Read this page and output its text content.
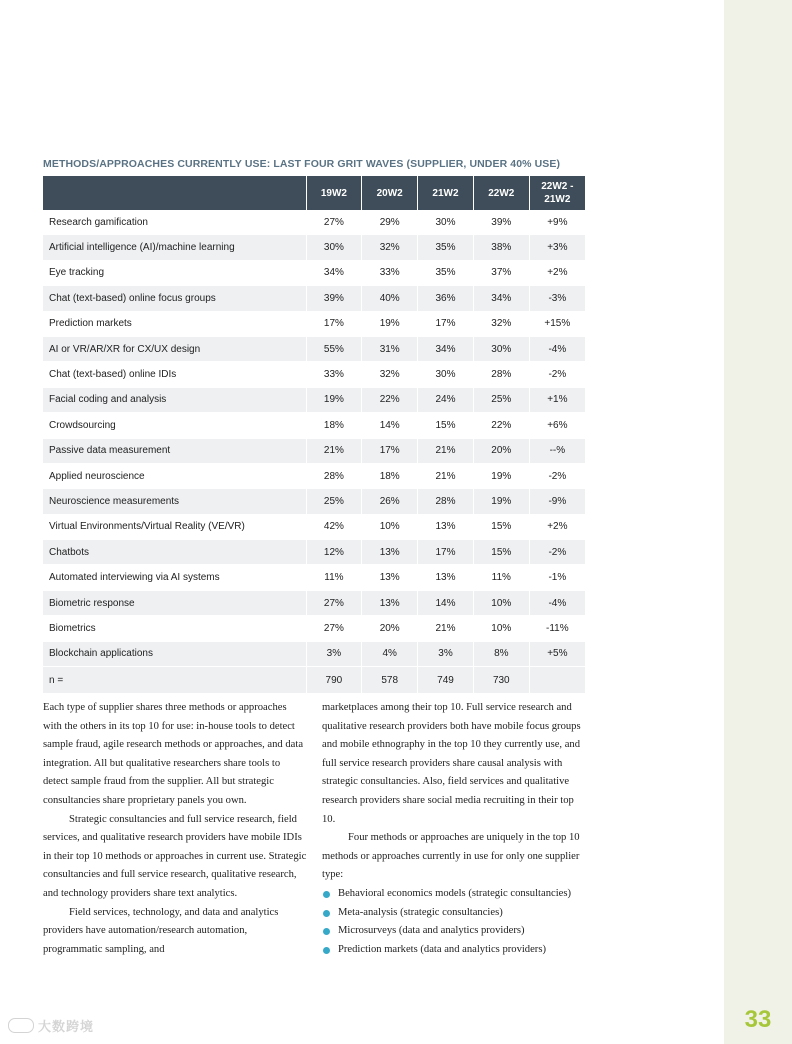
33
METHODS/APPROACHES CURRENTLY USE: LAST FOUR GRIT WAVES (SUPPLIER, UNDER 40% USE)
	19W2	20W2	21W2	22W2	22W2 -
21W2
Research gamification	27%	29%	30%	39%	+9%
Artificial intelligence (AI)/machine learning	30%	32%	35%	38%	+3%
Eye tracking	34%	33%	35%	37%	+2%
Chat (text-based) online focus groups	39%	40%	36%	34%	-3%
Prediction markets	17%	19%	17%	32%	+15%
AI or VR/AR/XR for CX/UX design	55%	31%	34%	30%	-4%
Chat (text-based) online IDIs	33%	32%	30%	28%	-2%
Facial coding and analysis	19%	22%	24%	25%	+1%
Crowdsourcing	18%	14%	15%	22%	+6%
Passive data measurement	21%	17%	21%	20%	--%
Applied neuroscience	28%	18%	21%	19%	-2%
Neuroscience measurements	25%	26%	28%	19%	-9%
Virtual Environments/Virtual Reality (VE/VR)	42%	10%	13%	15%	+2%
Chatbots	12%	13%	17%	15%	-2%
Automated interviewing via AI systems	11%	13%	13%	11%	-1%
Biometric response	27%	13%	14%	10%	-4%
Biometrics	27%	20%	21%	10%	-11%
Blockchain applications	3%	4%	3%	8%	+5%
n =	790	578	749	730	

Each type of supplier shares three methods or approaches with the others in its top 10 for use: in-house tools to detect sample fraud, agile research methods or approaches, and data integration. All but qualitative researchers share tools to detect sample fraud from the supplier. All but strategic consultancies share proprietary panels you own.

Strategic consultancies and full service research, field services, and qualitative research providers have mobile IDIs in their top 10 methods or approaches in current use. Strategic consultancies and full service research, qualitative research, and technology providers share text analytics.

Field services, technology, and data and analytics providers have automation/research automation, programmatic sampling, and

marketplaces among their top 10. Full service research and qualitative research providers both have mobile focus groups and mobile ethnography in the top 10 they currently use, and full service research providers share causal analysis with strategic consultancies. Also, field services and qualitative research providers share social media recruiting in their top 10.

Four methods or approaches are uniquely in the top 10 methods or approaches currently in use for only one supplier type:

Behavioral economics models (strategic consultancies)
Meta-analysis (strategic consultancies)
Microsurveys (data and analytics providers)
Prediction markets (data and analytics providers)
大数跨境
